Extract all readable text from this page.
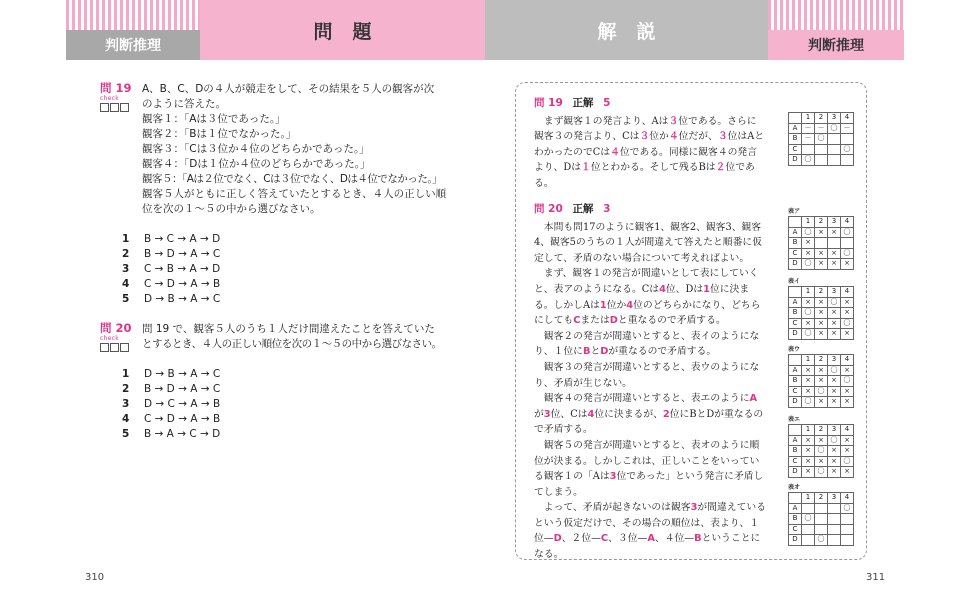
判断推理
問題	解説
判断推理
問 19
check

A、B、C、Dの４人が競走をして、その結果を５人の観客が次

のように答えた。

観客１：「Aは３位であった。」

観客２：「Bは１位でなかった。」

観客３：「Cは３位か４位のどちらかであった。」

観客４：「Dは１位か４位のどちらかであった。」

観客５：「Aは２位でなく、Cは３位でなく、Dは４位でなかった。」

観客５人がともに正しく答えていたとするとき、４人の正しい順

位を次の１～５の中から選びなさい。

1	B → C → A → D
2	B → D → A → C
3	C → B → A → D
4	C → D → A → B
5	D → B → A → C
問 20
check

問 19 で、観客５人のうち１人だけ間違えたことを答えていた

とするとき、４人の正しい順位を次の１～５の中から選びなさい。

1	D → B → A → C
2	B → D → A → C
3	D → C → A → B
4	C → D → A → B
5	B → A → C → D
問 19 正解 5

まず観客１の発言より、Aは３位である。さらに観客３の発言より、Cは３位か４位だが、３位はAとわかったのでCは４位である。同様に観客４の発言より、Dは１位とわかる。そして残るBは２位である。

問 20 正解 3

本問も問17のように観客1、観客2、観客3、観客4、観客5のうちの１人が間違えて答えたと順番に仮定して、矛盾のない場合について考えればよい。

まず、観客１の発言が間違いとして表にしていくと、表アのようになる。Cは4位、Dは1位に決まる。しかしAは1位か4位のどちらかになり、どちらにしてもCまたはDと重なるので矛盾する。

観客２の発言が間違いとすると、表イのようになり、１位にBとDが重なるので矛盾する。

観客３の発言が間違いとすると、表ウのようになり、矛盾が生じない。

観客４の発言が間違いとすると、表エのようにAが3位、Cは4位に決まるが、2位にBとDが重なるので矛盾する。

観客５の発言が間違いとすると、表オのように順位が決まる。しかしこれは、正しいことをいっている観客１の「Aは3位であった」という発言に矛盾してしまう。

よって、矛盾が起きないのは観客3が間違えているという仮定だけで、その場合の順位は、表より、１位—D、２位—C、３位—A、４位—Bということになる。

	1	2	3	4
A	－	－	〇	－
B	－	〇		
C				〇
D	〇			
表ア
	1	2	3	4
A	〇	×	×	〇
B	×			
C	×	×	×	〇
D	〇	×	×	×
表イ
	1	2	3	4
A	×	×	〇	×
B	〇	×	×	×
C	×	×	×	〇
D	〇	×	×	×
表ウ
	1	2	3	4
A	×	×	〇	×
B	×	×	×	〇
C	×	〇	×	×
D	〇	×	×	×
表エ
	1	2	3	4
A	×	×	〇	×
B	×	〇	×	×
C	×	×	×	〇
D	×	〇	×	×
表オ
	1	2	3	4
A				〇
B	〇			
C				
D		〇		
310	311
